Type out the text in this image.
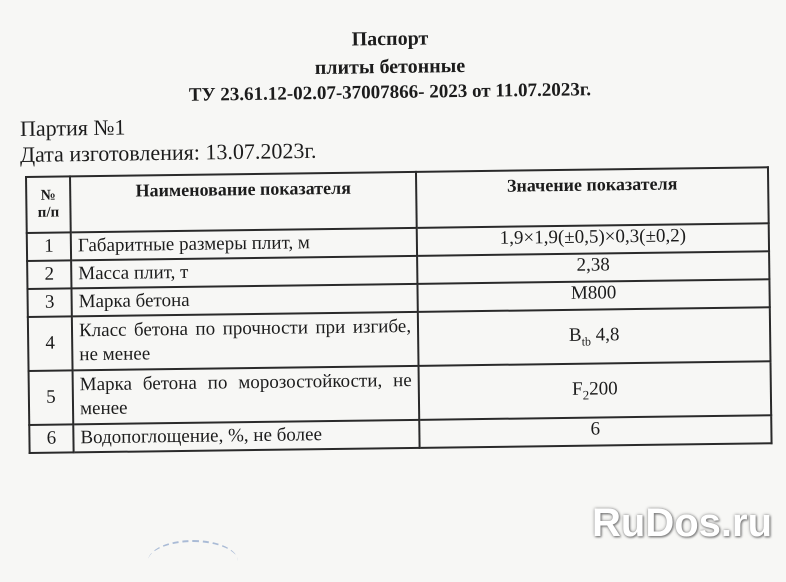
Паспорт
плиты бетонные
ТУ 23.61.12-02.07-37007866- 2023 от 11.07.2023г.
Партия №1
Дата изготовления: 13.07.2023г.
№
п/п	Наименование показателя	Значение показателя
1	Габаритные размеры плит, м	1,9×1,9(±0,5)×0,3(±0,2)
2	Масса плит, т	2,38
3	Марка бетона	М800
4	Класс бетона по прочности при изгибе, не менее	$B_{tb}$ 4,8
5	Марка бетона по морозостойкости, не менее	$F_2200$
6	Водопоглощение, %, не более	6
RuDos.ru
